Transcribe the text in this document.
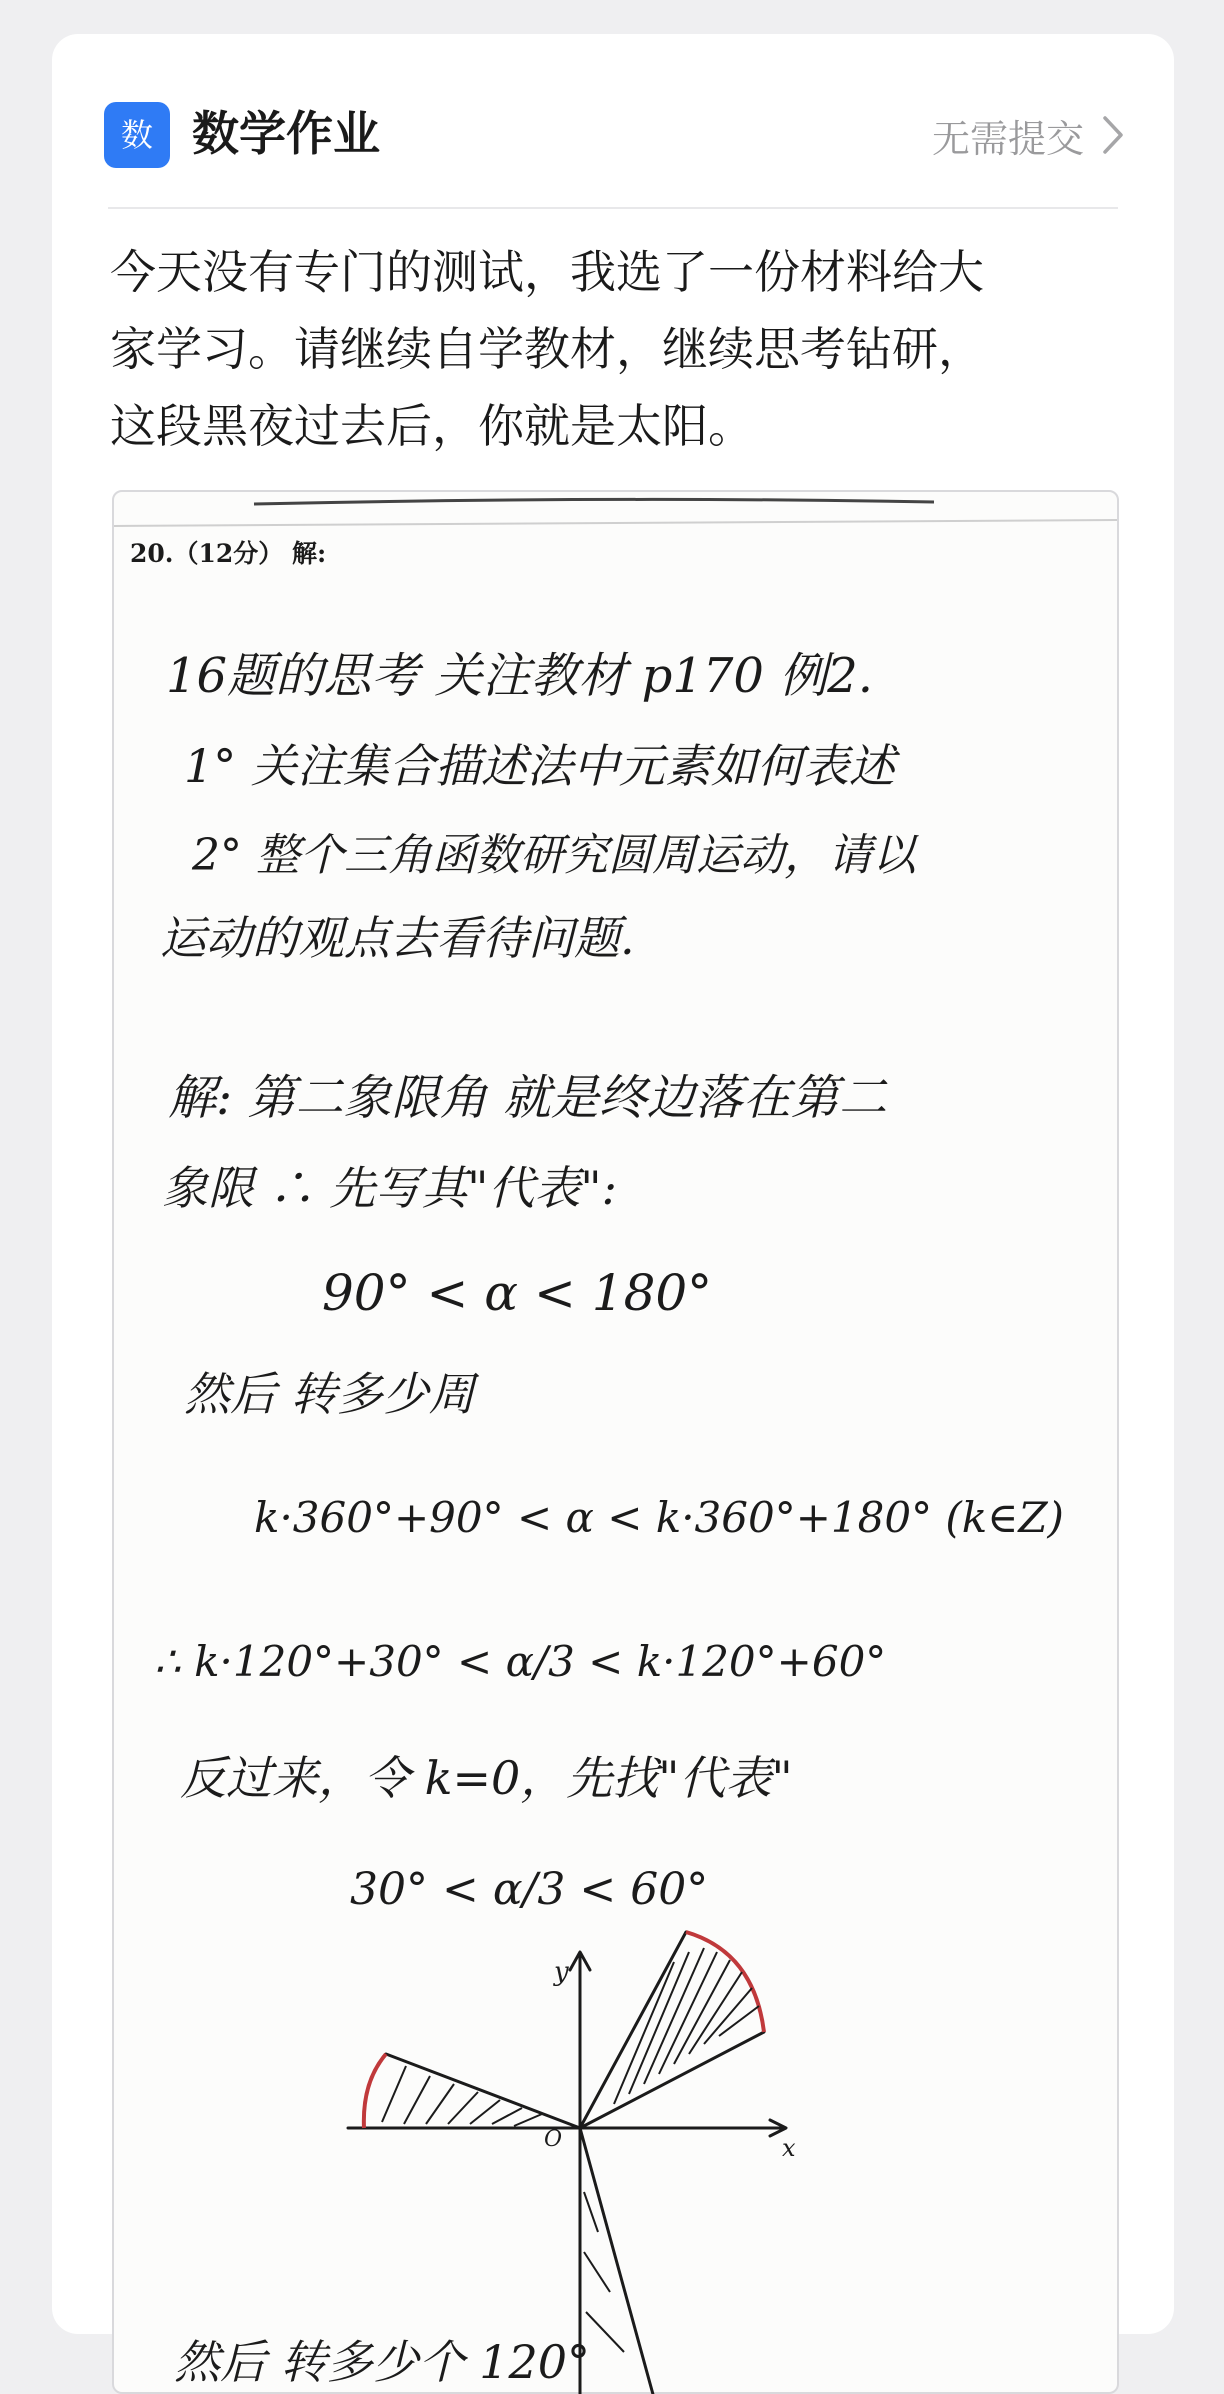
数 数学作业	无需提交
今天没有专门的测试，我选了一份材料给大
家学习。请继续自学教材，继续思考钻研，
这段黑夜过去后，你就是太阳。
20.（12分） 解:
16题的思考 关注教材 p170 例2.
1° 关注集合描述法中元素如何表述
2° 整个三角函数研究圆周运动，请以
运动的观点去看待问题.
解: 第二象限角 就是终边落在第二
象限 ∴ 先写其"代表":
90° < α < 180°
然后 转多少周
k·360°+90° < α < k·360°+180° (k∈Z)
∴ k·120°+30° < α/3 < k·120°+60°
反过来，令 k=0，先找"代表"
30° < α/3 < 60°
y
x
O
然后 转多少个 120°
